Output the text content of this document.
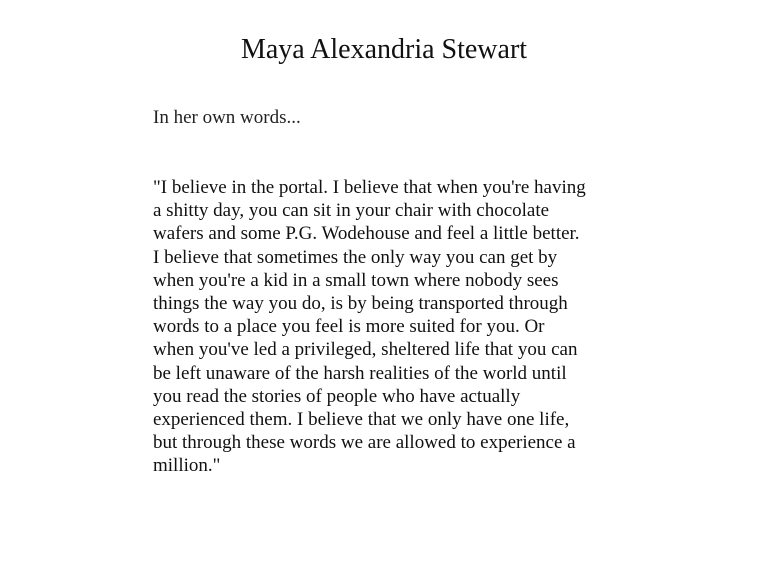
Maya Alexandria Stewart

In her own words...

"I believe in the portal. I believe that when you're having
a shitty day, you can sit in your chair with chocolate
wafers and some P.G. Wodehouse and feel a little better.
I believe that sometimes the only way you can get by
when you're a kid in a small town where nobody sees
things the way you do, is by being transported through
words to a place you feel is more suited for you. Or
when you've led a privileged, sheltered life that you can
be left unaware of the harsh realities of the world until
you read the stories of people who have actually
experienced them. I believe that we only have one life,
but through these words we are allowed to experience a
million."
